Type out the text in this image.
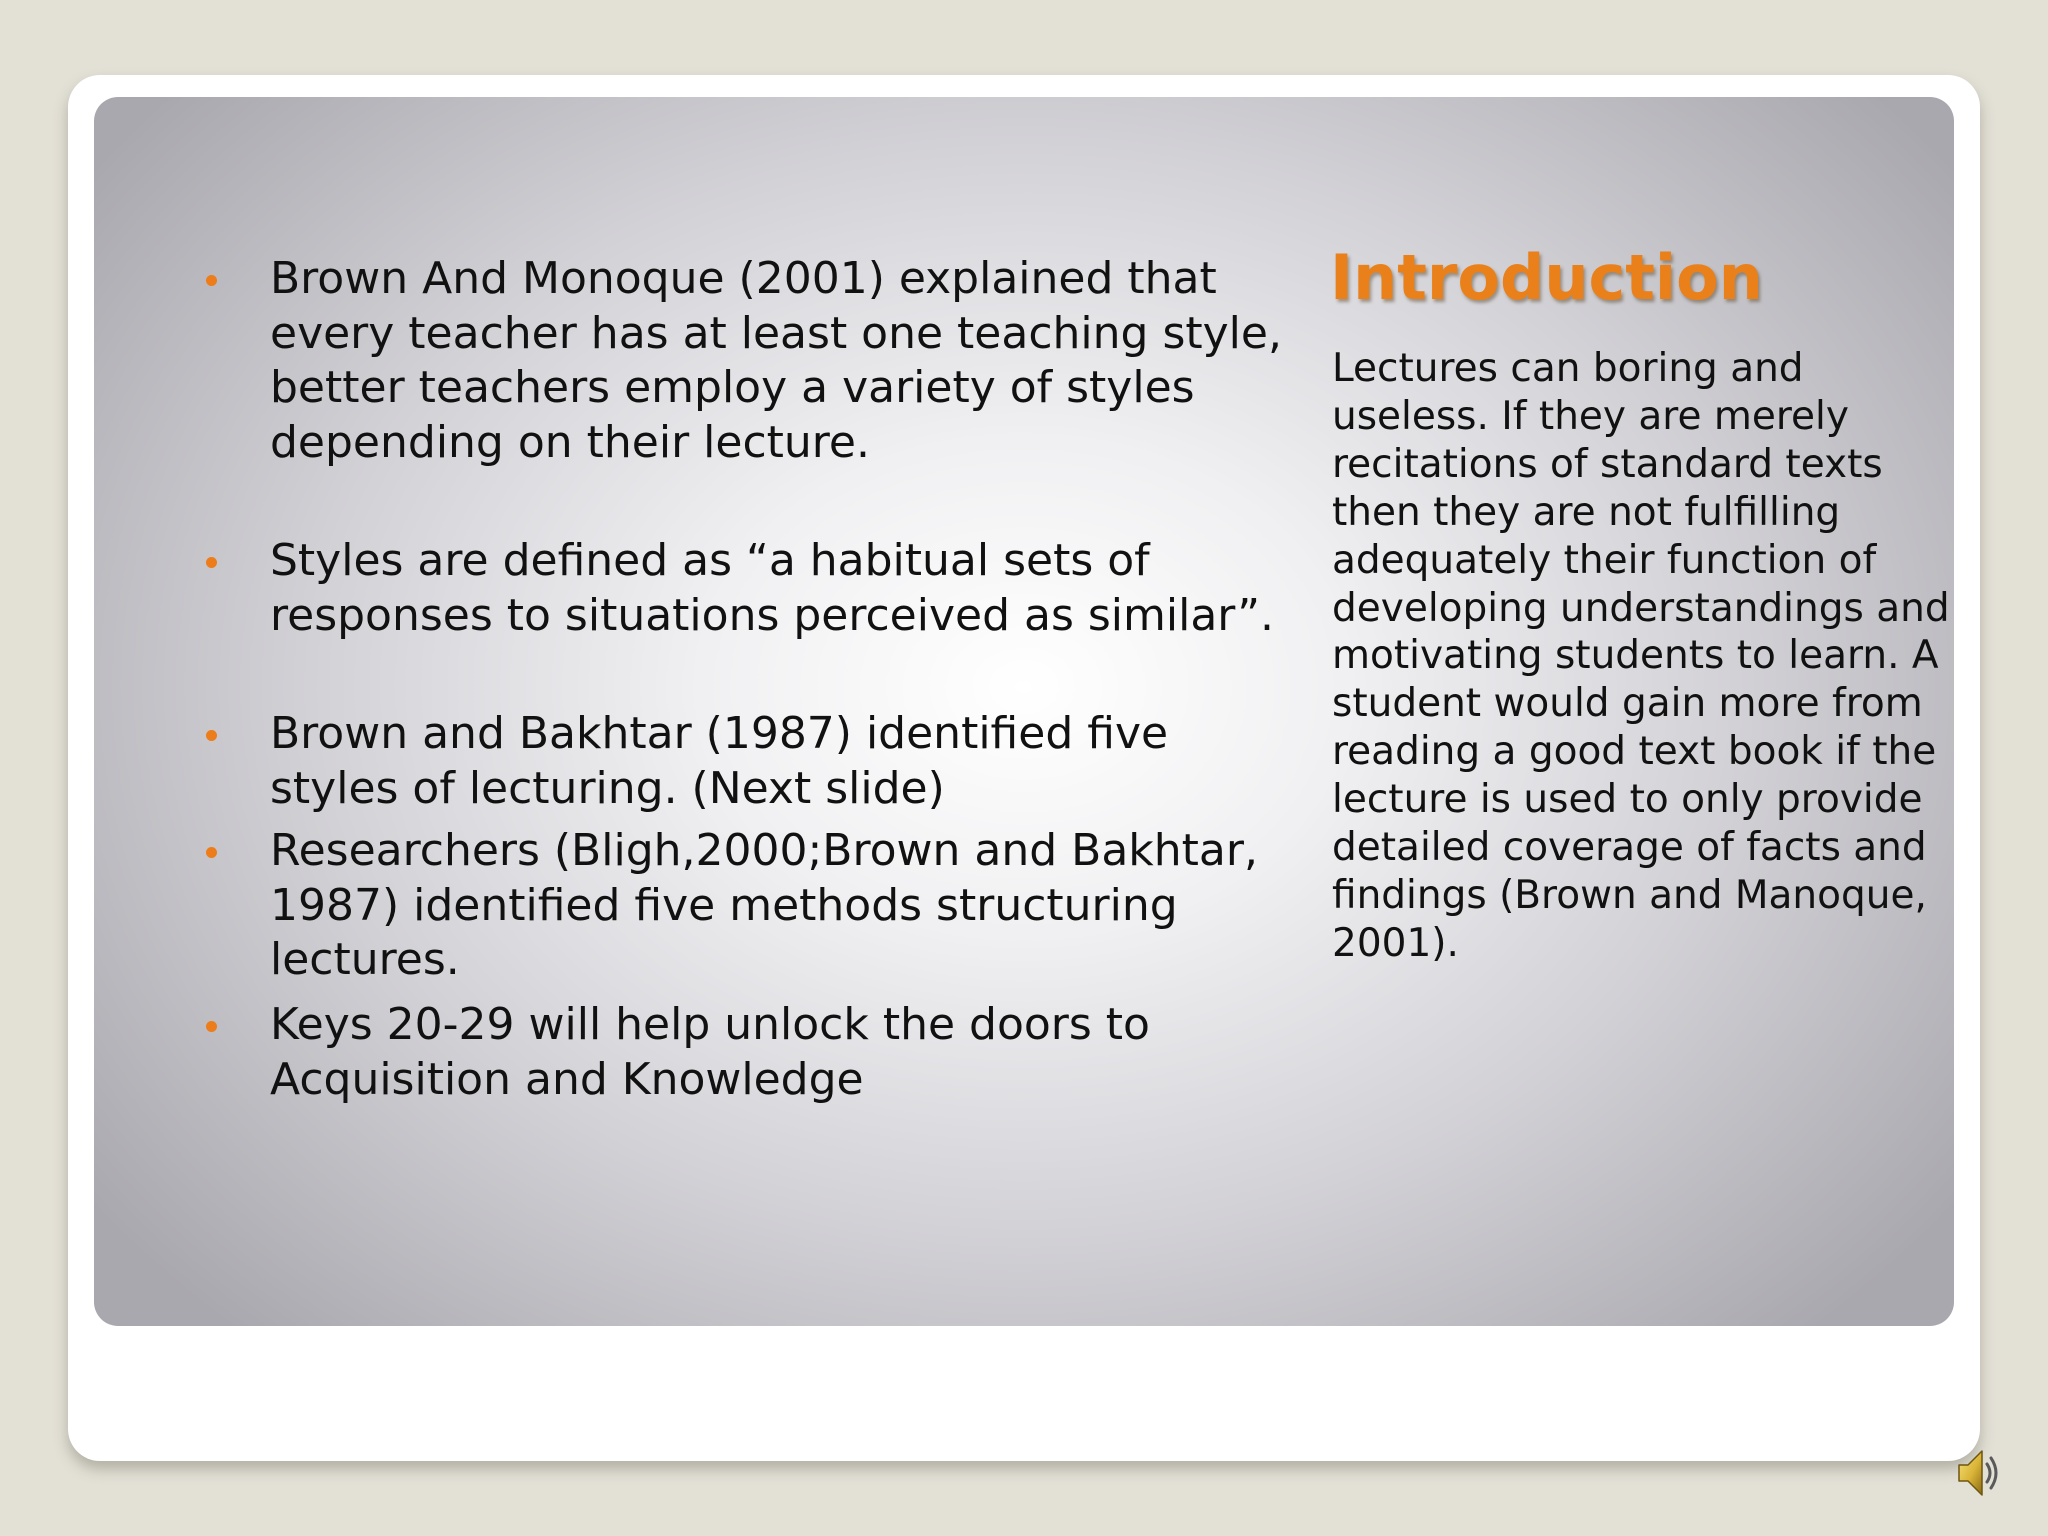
Brown And Monoque (2001) explained that every teacher has at least one teaching style, better teachers employ a variety of styles depending on their lecture.
Styles are defined as “a habitual sets of responses to situations perceived as similar”.
Brown and Bakhtar (1987) identified five styles of lecturing. (Next slide)
Researchers (Bligh,2000;Brown and Bakhtar, 1987) identified five methods structuring lectures.
Keys 20-29 will help unlock the doors to Acquisition and Knowledge
Introduction

Lectures can boring and useless. If they are merely recitations of standard texts then they are not fulfilling adequately their function of developing understandings and motivating students to learn. A student would gain more from reading a good text book if the lecture is used to only provide detailed coverage of facts and findings (Brown and Manoque, 2001).
